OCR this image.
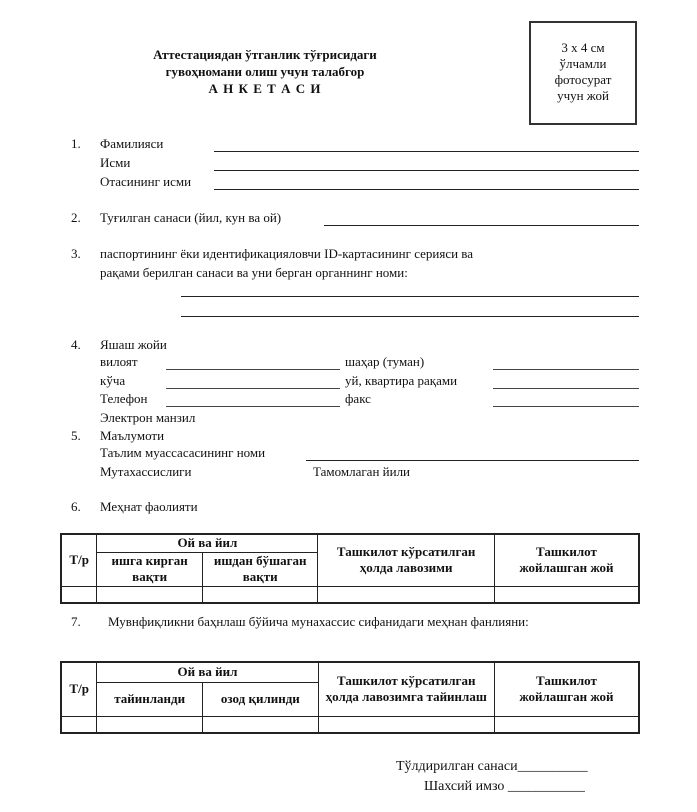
Аттестациядан ўтганлик тўғрисидаги
гувоҳномани олиш учун талабгор
А Н К Е Т А С И
3 х 4 см
ўлчамли
фотосурат
учун жой
1. Фамилияси
Исми
Отасининг исми
2. Туғилган санаси (йил, кун ва ой)
3. паспортининг ёки идентификацияловчи ID-картасининг серияси ва
рақами берилган санаси ва уни берган органнинг номи:
4. Яшаш жойи
вилоят	шаҳар (туман)
кўча	уй, квартира рақами
Телефон	факс
Электрон манзил
5. Маълумоти
Таълим муассасасининг номи
Мутахассислиги	Тамомлаган йили
6. Меҳнат фаолияти
Т/р	Ой ва йил		Ташкилот кўрсатилган ҳолда лавозими	Ташкилот жойлашган жой
	ишга кирган вақти	ишдан бўшаган вақти		

7. Мувнфиқликни баҳнлаш бўйича мунахассис сифанидаги меҳнан фанлияни:
Т/р	Ой ва йил		Ташкилот кўрсатилган ҳолда лавозимга тайинлаш	Ташкилот жойлашган жой
	тайинланди	озод қилинди		

Тўлдирилган санаси__________
Шахсий имзо ___________
